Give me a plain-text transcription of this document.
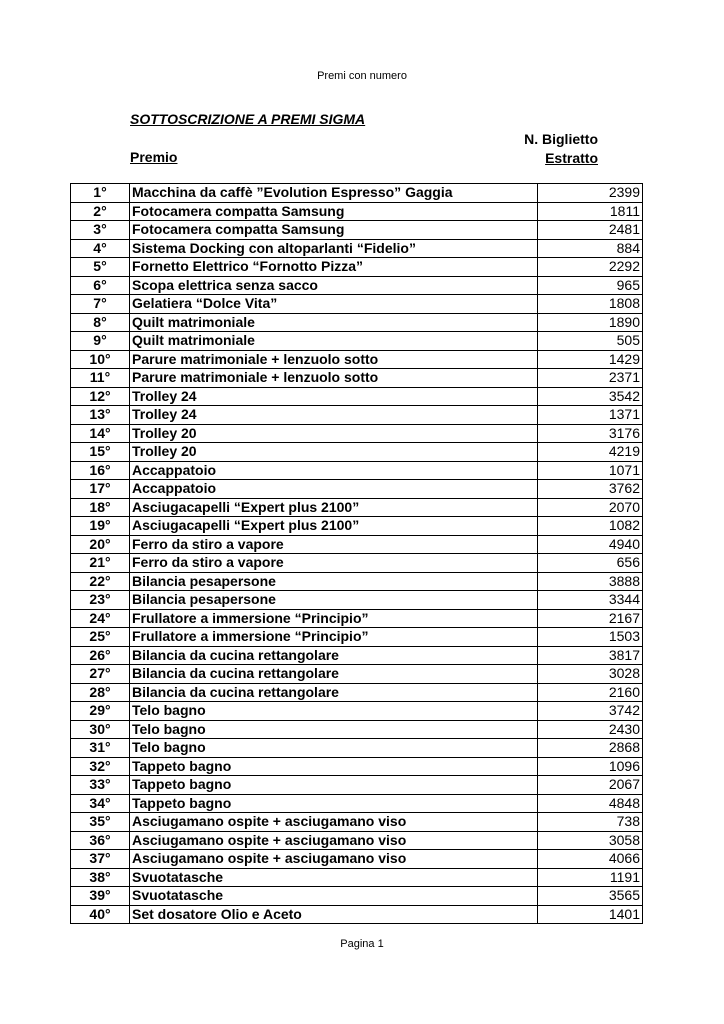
Premi con numero
SOTTOSCRIZIONE A PREMI SIGMA
N. Biglietto
Estratto
Premio
1°	Macchina da caffè ”Evolution Espresso” Gaggia	2399
2°	Fotocamera compatta Samsung	1811
3°	Fotocamera compatta Samsung	2481
4°	Sistema Docking con altoparlanti “Fidelio”	884
5°	Fornetto Elettrico “Fornotto Pizza”	2292
6°	Scopa elettrica senza sacco	965
7°	Gelatiera “Dolce Vita”	1808
8°	Quilt matrimoniale	1890
9°	Quilt matrimoniale	505
10°	Parure matrimoniale + lenzuolo sotto	1429
11°	Parure matrimoniale + lenzuolo sotto	2371
12°	Trolley 24	3542
13°	Trolley 24	1371
14°	Trolley 20	3176
15°	Trolley 20	4219
16°	Accappatoio	1071
17°	Accappatoio	3762
18°	Asciugacapelli “Expert plus 2100”	2070
19°	Asciugacapelli “Expert plus 2100”	1082
20°	Ferro da stiro a vapore	4940
21°	Ferro da stiro a vapore	656
22°	Bilancia pesapersone	3888
23°	Bilancia pesapersone	3344
24°	Frullatore a immersione “Principio”	2167
25°	Frullatore a immersione “Principio”	1503
26°	Bilancia da cucina rettangolare	3817
27°	Bilancia da cucina rettangolare	3028
28°	Bilancia da cucina rettangolare	2160
29°	Telo bagno	3742
30°	Telo bagno	2430
31°	Telo bagno	2868
32°	Tappeto bagno	1096
33°	Tappeto bagno	2067
34°	Tappeto bagno	4848
35°	Asciugamano ospite + asciugamano viso	738
36°	Asciugamano ospite + asciugamano viso	3058
37°	Asciugamano ospite + asciugamano viso	4066
38°	Svuotatasche	1191
39°	Svuotatasche	3565
40°	Set dosatore Olio e Aceto	1401
Pagina 1
